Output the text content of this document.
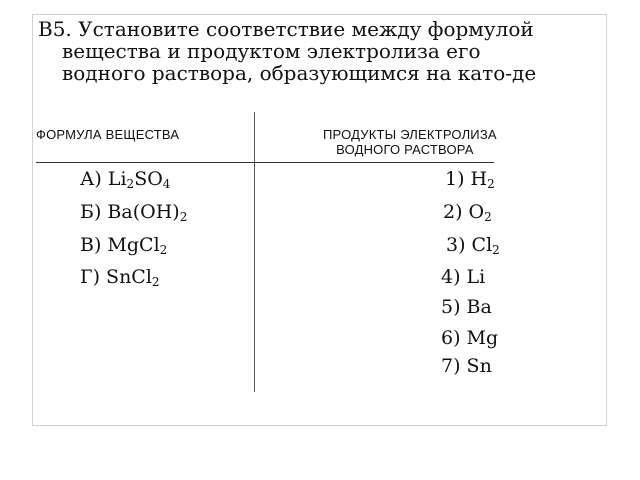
В5. Установите соответствие между формулой
вещества и продуктом электролиза его
водного раствора, образующимся на като-де
ФОРМУЛА ВЕЩЕСТВА	ПРОДУКТЫ ЭЛЕКТРОЛИЗА
ВОДНОГО РАСТВОРА
А) $Li_2SO_4$
Б) $Ba(OH)_2$
В) MgCl$_2$
Г) SnCl$_2$
1) $H_2$
2) $O_2$
3) $Cl_2$
4) Li
5) Ba
6) Mg
7) Sn
